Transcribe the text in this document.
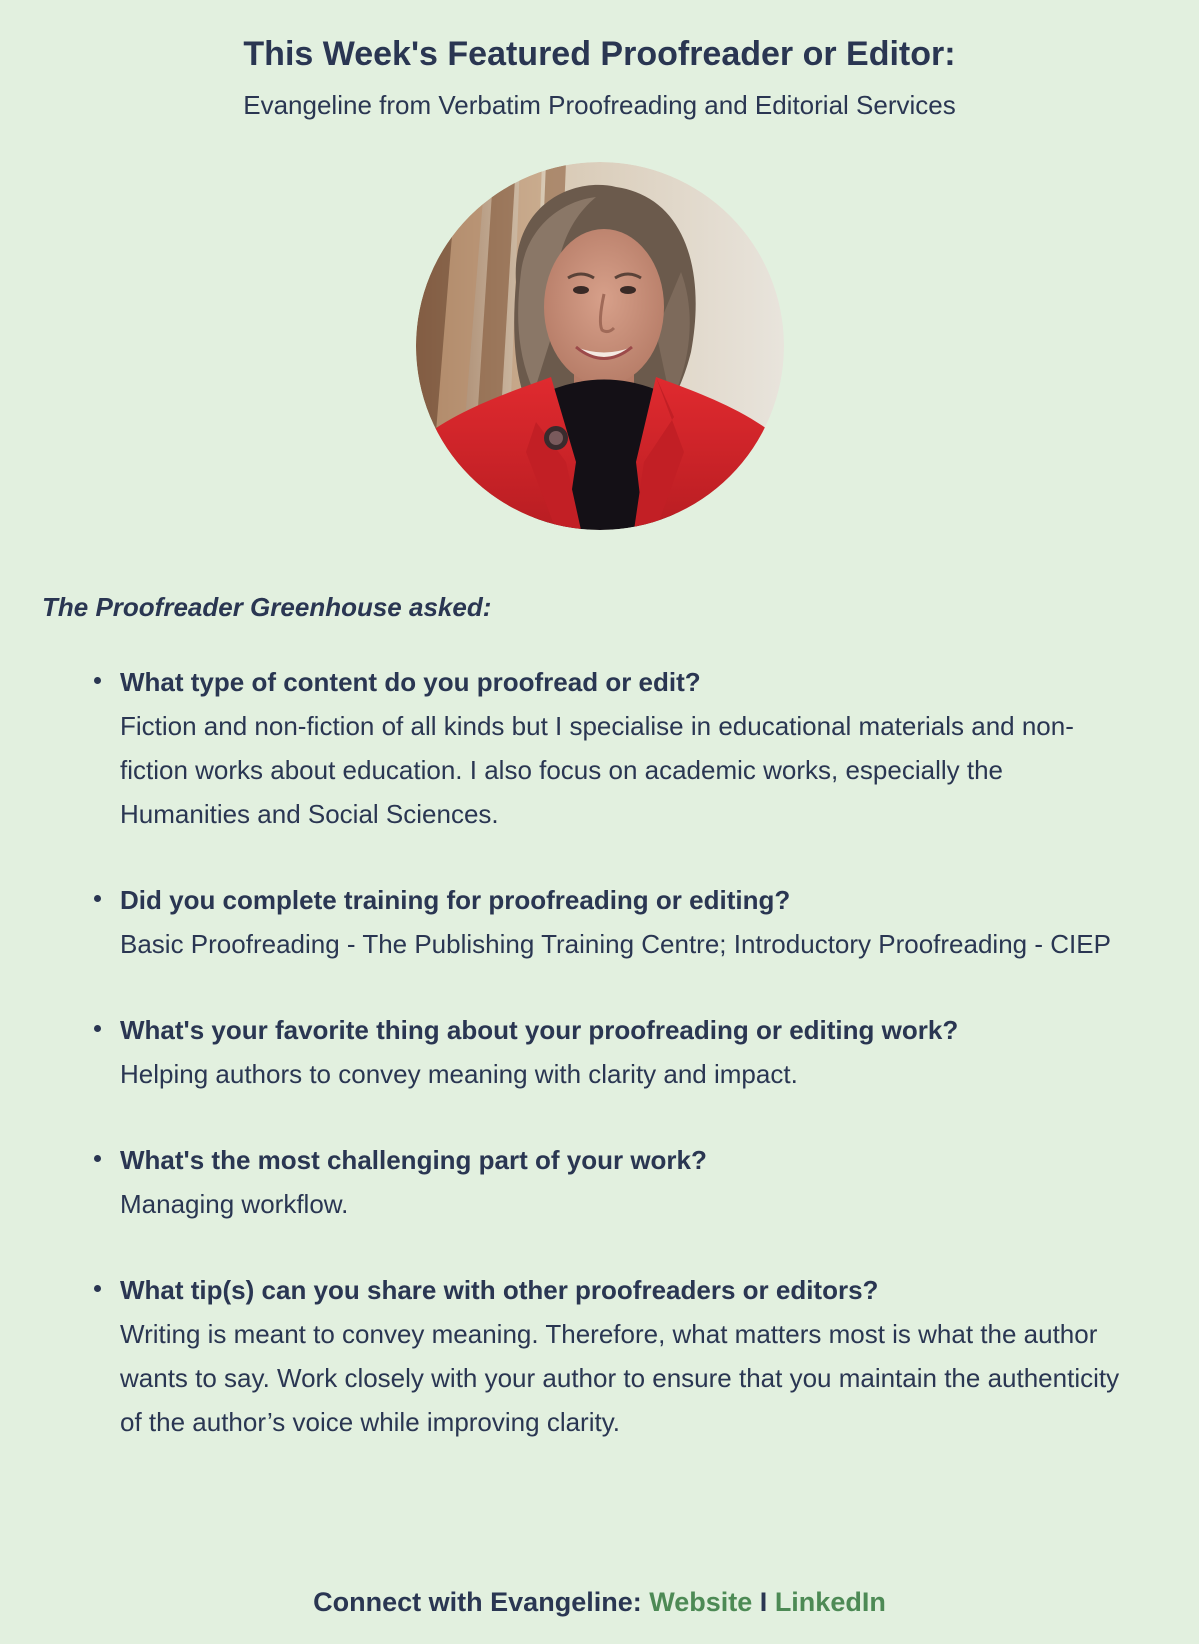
This Week's Featured Proofreader or Editor:

Evangeline from Verbatim Proofreading and Editorial Services

The Proofreader Greenhouse asked:
What type of content do you proofread or edit?
Fiction and non-fiction of all kinds but I specialise in educational materials and non-fiction works about education. I also focus on academic works, especially the Humanities and Social Sciences.
Did you complete training for proofreading or editing?
Basic Proofreading - The Publishing Training Centre; Introductory Proofreading - CIEP
What's your favorite thing about your proofreading or editing work?
Helping authors to convey meaning with clarity and impact.
What's the most challenging part of your work?
Managing workflow.
What tip(s) can you share with other proofreaders or editors?
Writing is meant to convey meaning. Therefore, what matters most is what the author wants to say. Work closely with your author to ensure that you maintain the authenticity of the author’s voice while improving clarity.
Connect with Evangeline: Website I LinkedIn
